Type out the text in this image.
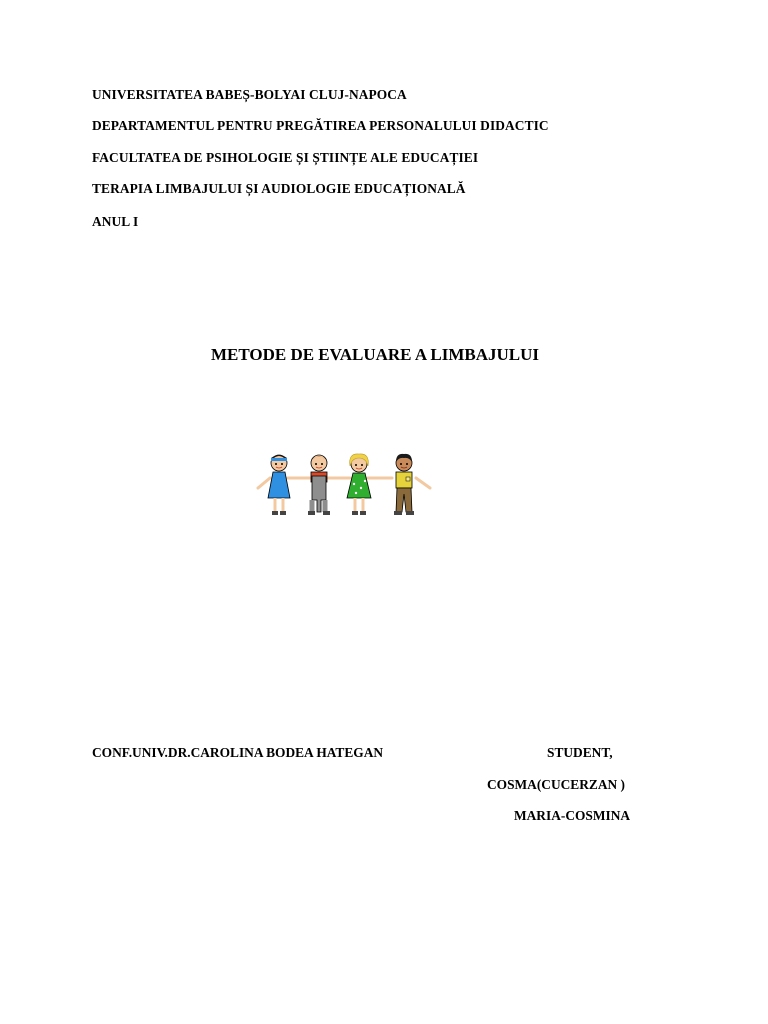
UNIVERSITATEA BABEȘ-BOLYAI CLUJ-NAPOCA
DEPARTAMENTUL PENTRU PREGĂTIREA PERSONALULUI DIDACTIC
FACULTATEA DE PSIHOLOGIE ȘI ȘTIINȚE ALE EDUCAȚIEI
TERAPIA LIMBAJULUI ȘI AUDIOLOGIE EDUCAȚIONALĂ
ANUL I
METODE DE EVALUARE A LIMBAJULUI
CONF.UNIV.DR.CAROLINA BODEA HATEGAN	STUDENT,
COSMA(CUCERZAN )
MARIA-COSMINA
